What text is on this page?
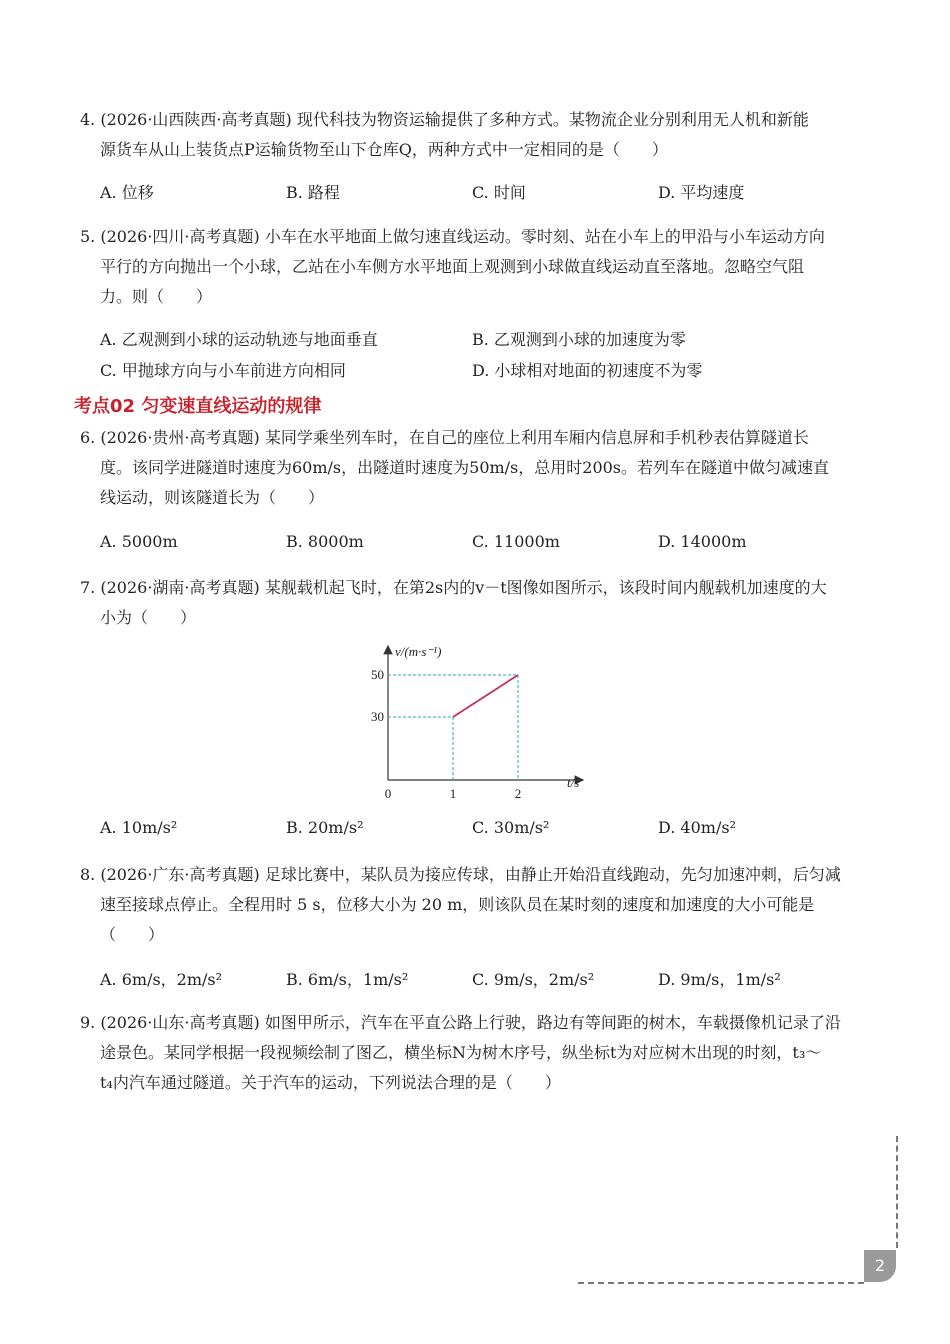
4. (2026·山西陕西·高考真题) 现代科技为物资运输提供了多种方式。某物流企业分别利用无人机和新能
源货车从山上装货点P运输货物至山下仓库Q，两种方式中一定相同的是（　　）
A. 位移	B. 路程	C. 时间	D. 平均速度
5. (2026·四川·高考真题) 小车在水平地面上做匀速直线运动。零时刻、站在小车上的甲沿与小车运动方向
平行的方向抛出一个小球，乙站在小车侧方水平地面上观测到小球做直线运动直至落地。忽略空气阻
力。则（　　）
A. 乙观测到小球的运动轨迹与地面垂直	B. 乙观测到小球的加速度为零
C. 甲抛球方向与小车前进方向相同	D. 小球相对地面的初速度不为零
考点02 匀变速直线运动的规律
6. (2026·贵州·高考真题) 某同学乘坐列车时，在自己的座位上利用车厢内信息屏和手机秒表估算隧道长
度。该同学进隧道时速度为60m/s，出隧道时速度为50m/s，总用时200s。若列车在隧道中做匀减速直
线运动，则该隧道长为（　　）
A. 5000m	B. 8000m	C. 11000m	D. 14000m
7. (2026·湖南·高考真题) 某舰载机起飞时，在第2s内的v－t图像如图所示，该段时间内舰载机加速度的大
小为（　　）
0	1	2
30
50
v/(m·s⁻¹)
t/s
A. 10m/s²	B. 20m/s²	C. 30m/s²	D. 40m/s²
8. (2026·广东·高考真题) 足球比赛中，某队员为接应传球，由静止开始沿直线跑动，先匀加速冲刺，后匀减
速至接球点停止。全程用时 5 s，位移大小为 20 m，则该队员在某时刻的速度和加速度的大小可能是
（　　）
A. 6m/s，2m/s²	B. 6m/s，1m/s²	C. 9m/s，2m/s²	D. 9m/s，1m/s²
9. (2026·山东·高考真题) 如图甲所示，汽车在平直公路上行驶，路边有等间距的树木，车载摄像机记录了沿
途景色。某同学根据一段视频绘制了图乙，横坐标N为树木序号，纵坐标t为对应树木出现的时刻，t₃～
t₄内汽车通过隧道。关于汽车的运动，下列说法合理的是（　　）
2
